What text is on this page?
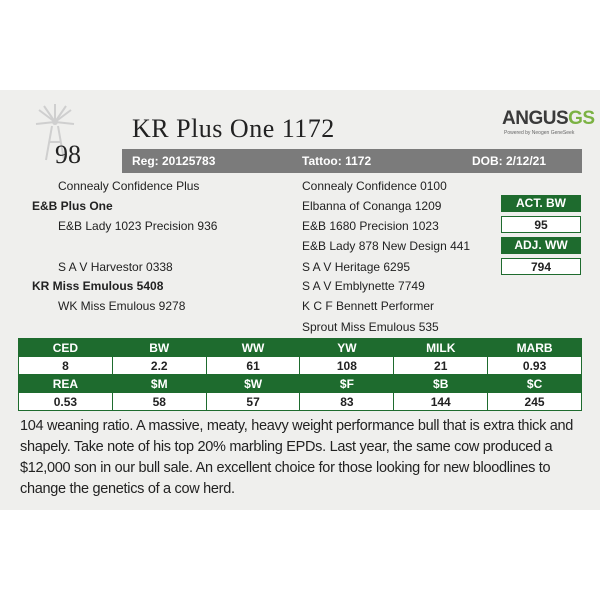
98
KR Plus One 1172	ANGUSGS
Powered by Neogen GeneSeek
Reg: 20125783	Tattoo: 1172	DOB: 2/12/21
Connealy Confidence Plus
E&B Plus One
E&B Lady 1023 Precision 936
S A V Harvestor 0338
KR Miss Emulous 5408
WK Miss Emulous 9278
Connealy Confidence 0100
Elbanna of Conanga 1209
E&B 1680 Precision 1023
E&B Lady 878 New Design 441
S A V Heritage 6295
S A V Emblynette 7749
K C F Bennett Performer
Sprout Miss Emulous 535
ACT. BW
95
ADJ. WW
794
CED	BW	WW	YW	MILK	MARB
8	2.2	61	108	21	0.93
REA	$M	$W	$F	$B	$C
0.53	58	57	83	144	245
104 weaning ratio. A massive, meaty, heavy weight performance bull that is extra thick and shapely. Take note of his top 20% marbling EPDs. Last year, the same cow produced a $12,000 son in our bull sale. An excellent choice for those looking for new bloodlines to change the genetics of a cow herd.
